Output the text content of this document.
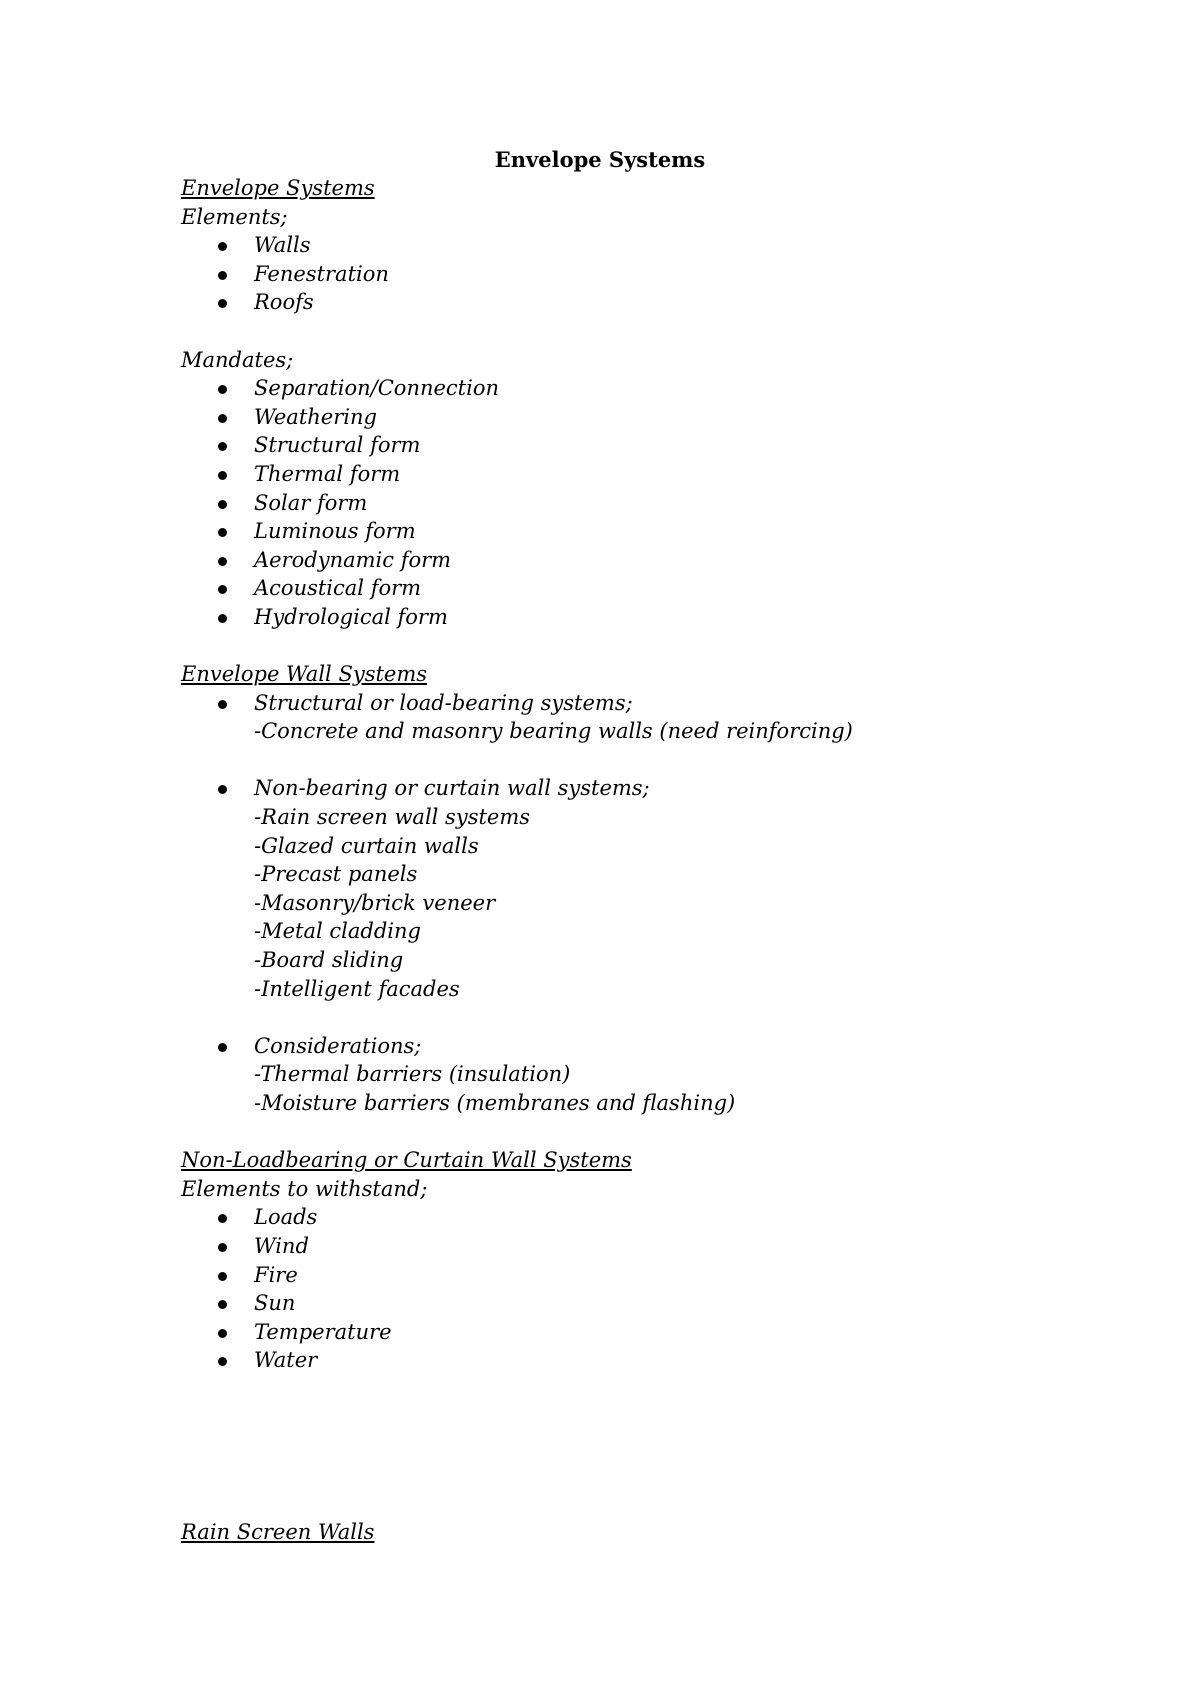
Envelope Systems
Envelope Systems
Elements;
Walls
Fenestration
Roofs
Mandates;
Separation/Connection
Weathering
Structural form
Thermal form
Solar form
Luminous form
Aerodynamic form
Acoustical form
Hydrological form
Envelope Wall Systems
Structural or load-bearing systems;
-Concrete and masonry bearing walls (need reinforcing)
Non-bearing or curtain wall systems;
-Rain screen wall systems
-Glazed curtain walls
-Precast panels
-Masonry/brick veneer
-Metal cladding
-Board sliding
-Intelligent facades
Considerations;
-Thermal barriers (insulation)
-Moisture barriers (membranes and flashing)
Non-Loadbearing or Curtain Wall Systems
Elements to withstand;
Loads
Wind
Fire
Sun
Temperature
Water
Rain Screen Walls
